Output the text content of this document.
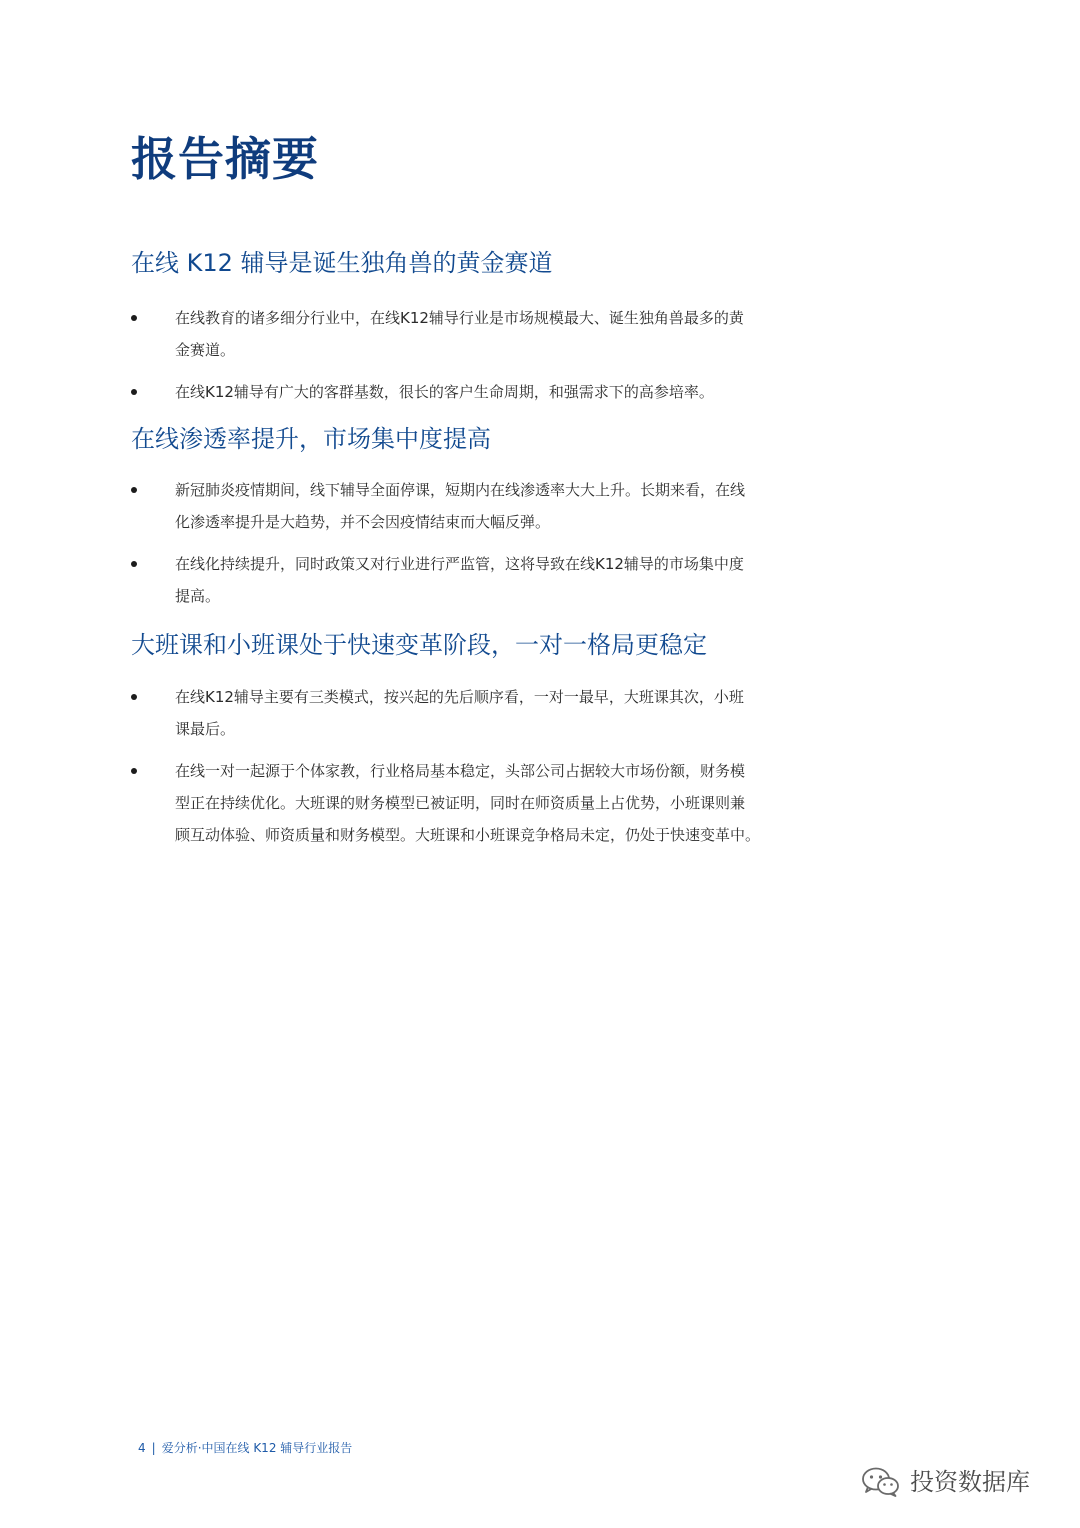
报告摘要
在线 K12 辅导是诞生独角兽的黄金赛道
在线教育的诸多细分行业中，在线K12辅导行业是市场规模最大、诞生独角兽最多的黄
金赛道。
在线K12辅导有广大的客群基数，很长的客户生命周期，和强需求下的高参培率。
在线渗透率提升，市场集中度提高
新冠肺炎疫情期间，线下辅导全面停课，短期内在线渗透率大大上升。长期来看，在线
化渗透率提升是大趋势，并不会因疫情结束而大幅反弹。
在线化持续提升，同时政策又对行业进行严监管，这将导致在线K12辅导的市场集中度
提高。
大班课和小班课处于快速变革阶段，一对一格局更稳定
在线K12辅导主要有三类模式，按兴起的先后顺序看，一对一最早，大班课其次，小班
课最后。
在线一对一起源于个体家教，行业格局基本稳定，头部公司占据较大市场份额，财务模
型正在持续优化。大班课的财务模型已被证明，同时在师资质量上占优势，小班课则兼
顾互动体验、师资质量和财务模型。大班课和小班课竞争格局未定，仍处于快速变革中。
4 | 爱分析·中国在线 K12 辅导行业报告
投资数据库
